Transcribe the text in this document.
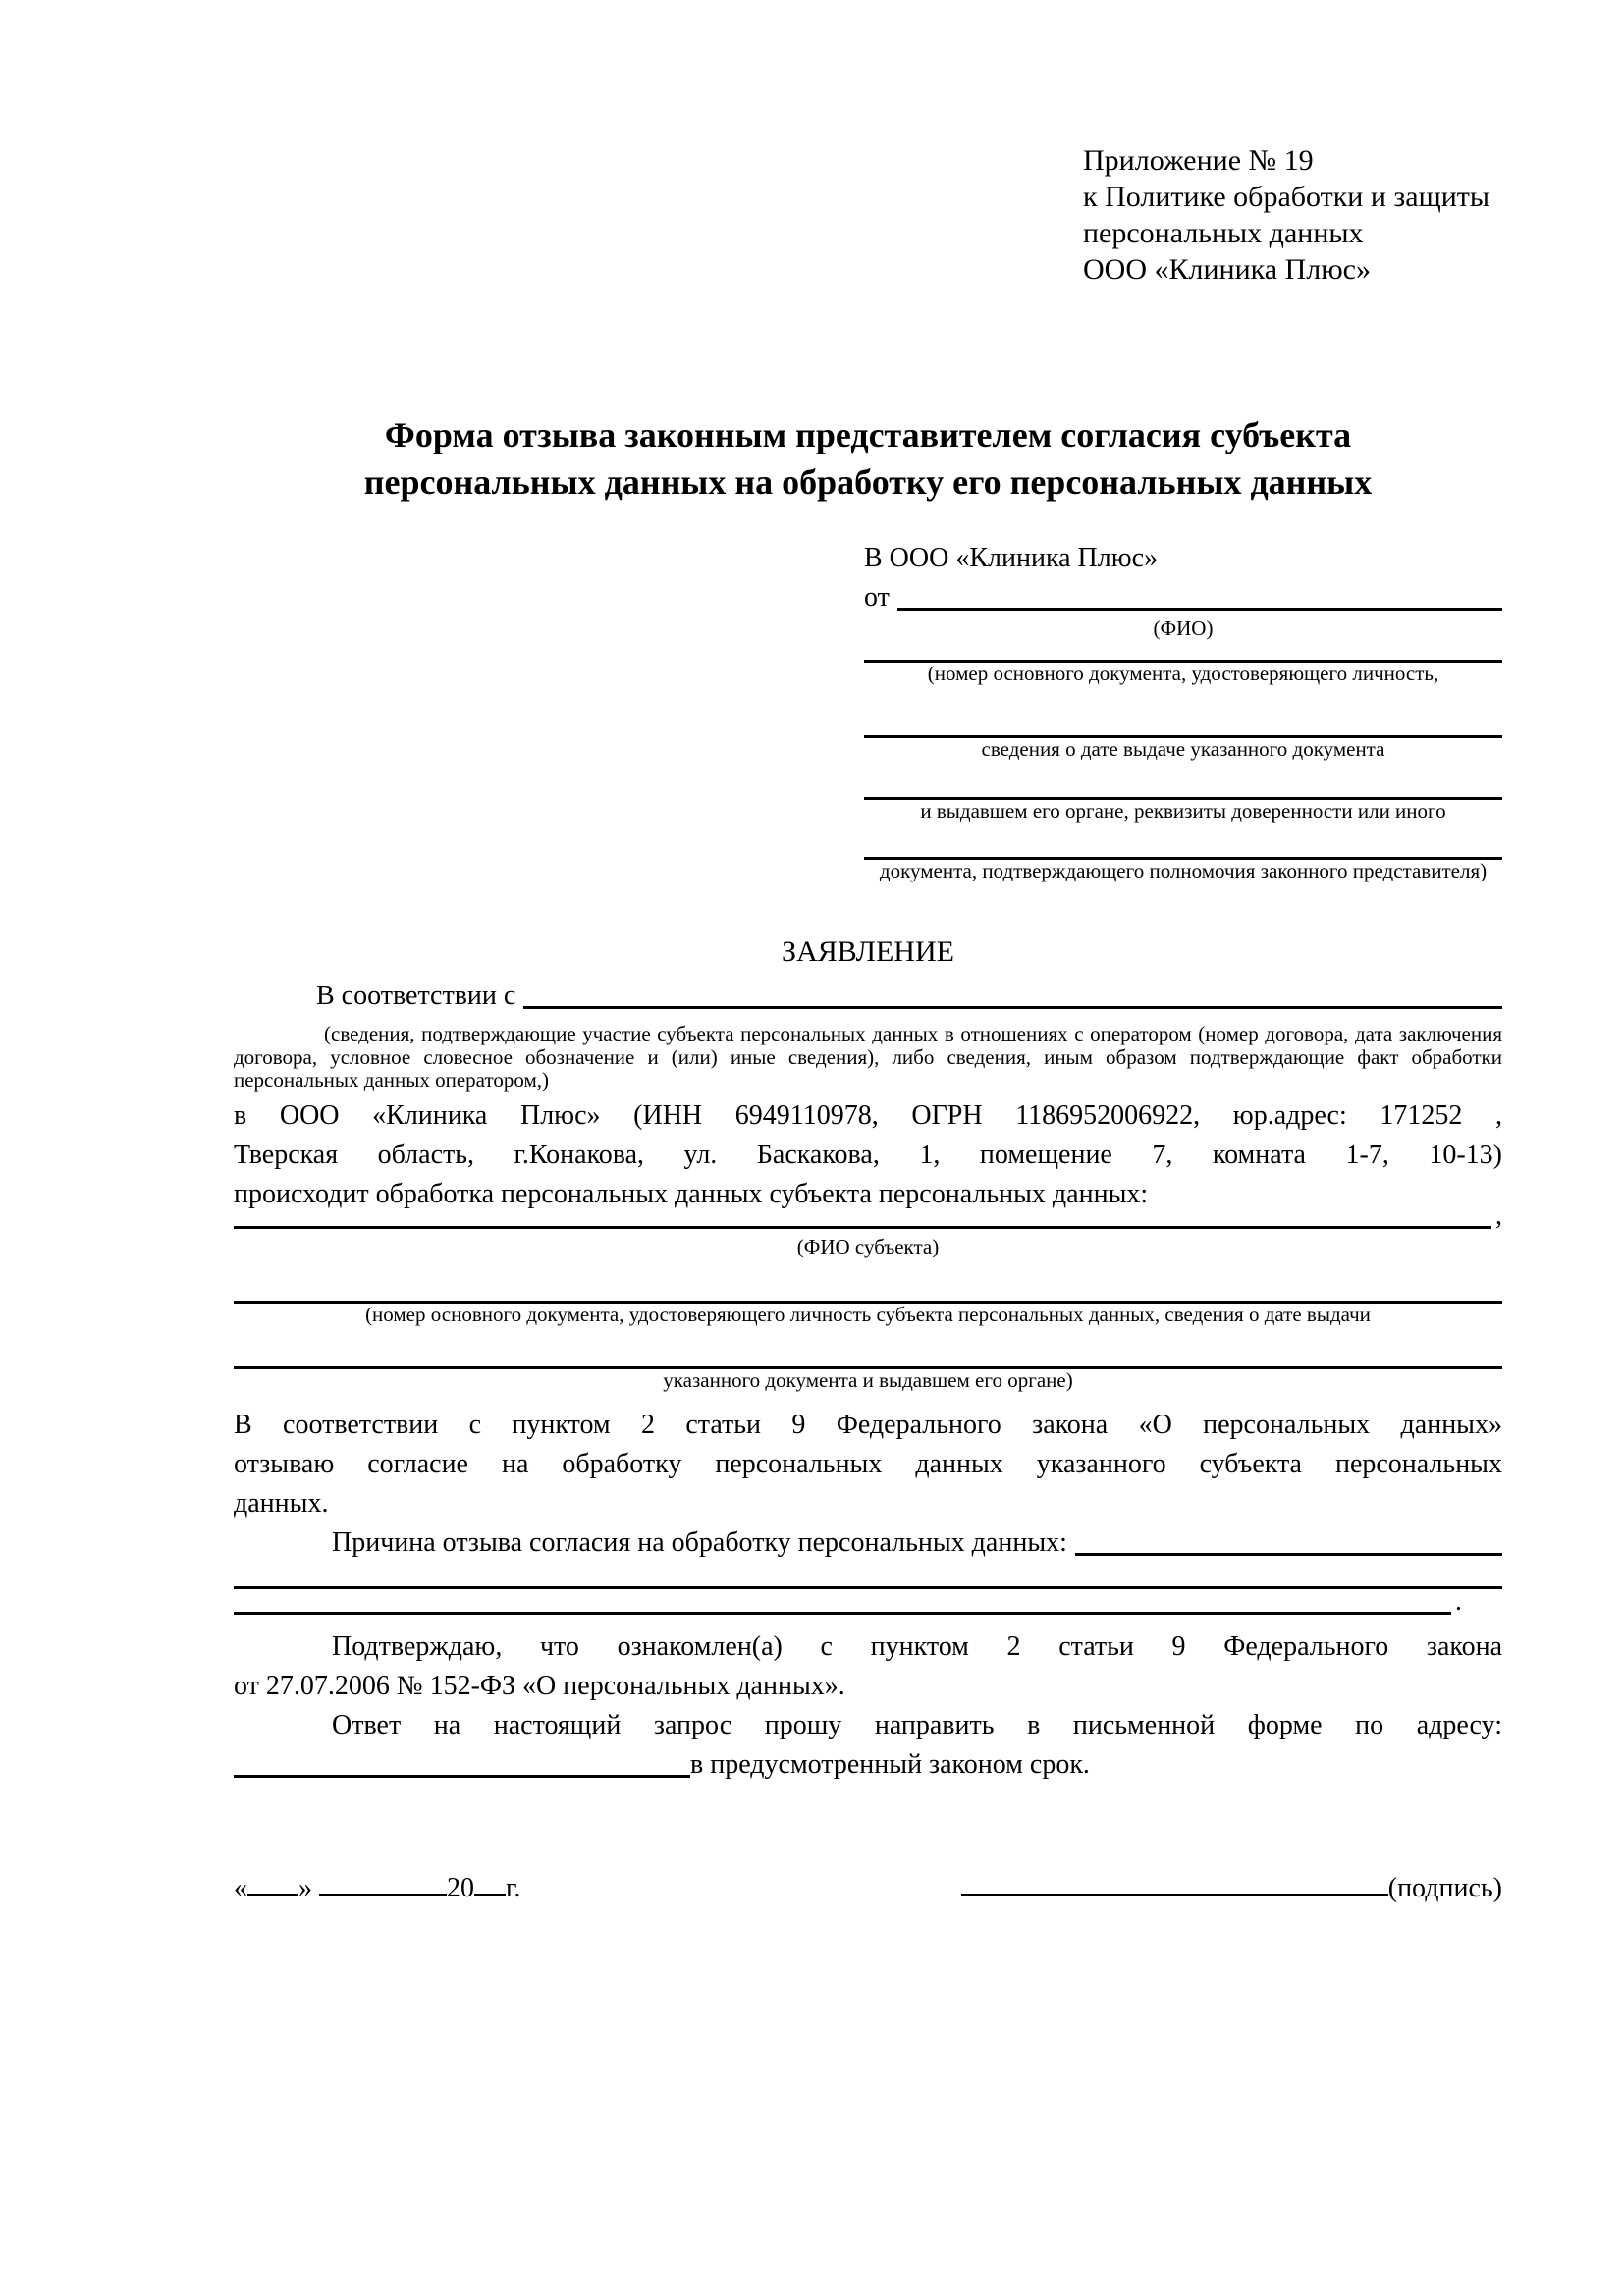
Приложение № 19
к Политике обработки и защиты
персональных данных
ООО «Клиника Плюс»
Форма отзыва законным представителем согласия субъекта персональных данных на обработку его персональных данных
В ООО «Клиника Плюс»
от
(ФИО)
(номер основного документа, удостоверяющего личность,
сведения о дате выдаче указанного документа
и выдавшем его органе, реквизиты доверенности или иного
документа, подтверждающего полномочия законного представителя)
ЗАЯВЛЕНИЕ
В соответствии с
(сведения, подтверждающие участие субъекта персональных данных в отношениях с оператором (номер договора, дата заключения договора, условное словесное обозначение и (или) иные сведения), либо сведения, иным образом подтверждающие факт обработки персональных данных оператором,)
в ООО «Клиника Плюс» (ИНН 6949110978, ОГРН 1186952006922, юр.адрес: 171252 ,
Тверская область, г.Конакова, ул. Баскакова, 1, помещение 7, комната 1-7, 10-13)
происходит обработка персональных данных субъекта персональных данных:
,
(ФИО субъекта)
(номер основного документа, удостоверяющего личность субъекта персональных данных, сведения о дате выдачи
указанного документа и выдавшем его органе)
В соответствии с пунктом 2 статьи 9 Федерального закона «О персональных данных»
отзываю согласие на обработку персональных данных указанного субъекта персональных
данных.
Причина отзыва согласия на обработку персональных данных:
.
Подтверждаю, что ознакомлен(а) с пунктом 2 статьи 9 Федерального закона
от 27.07.2006 № 152-ФЗ «О персональных данных».
Ответ на настоящий запрос прошу направить в письменной форме по адресу:
в предусмотренный законом срок.
« »	20 г.	(подпись)
